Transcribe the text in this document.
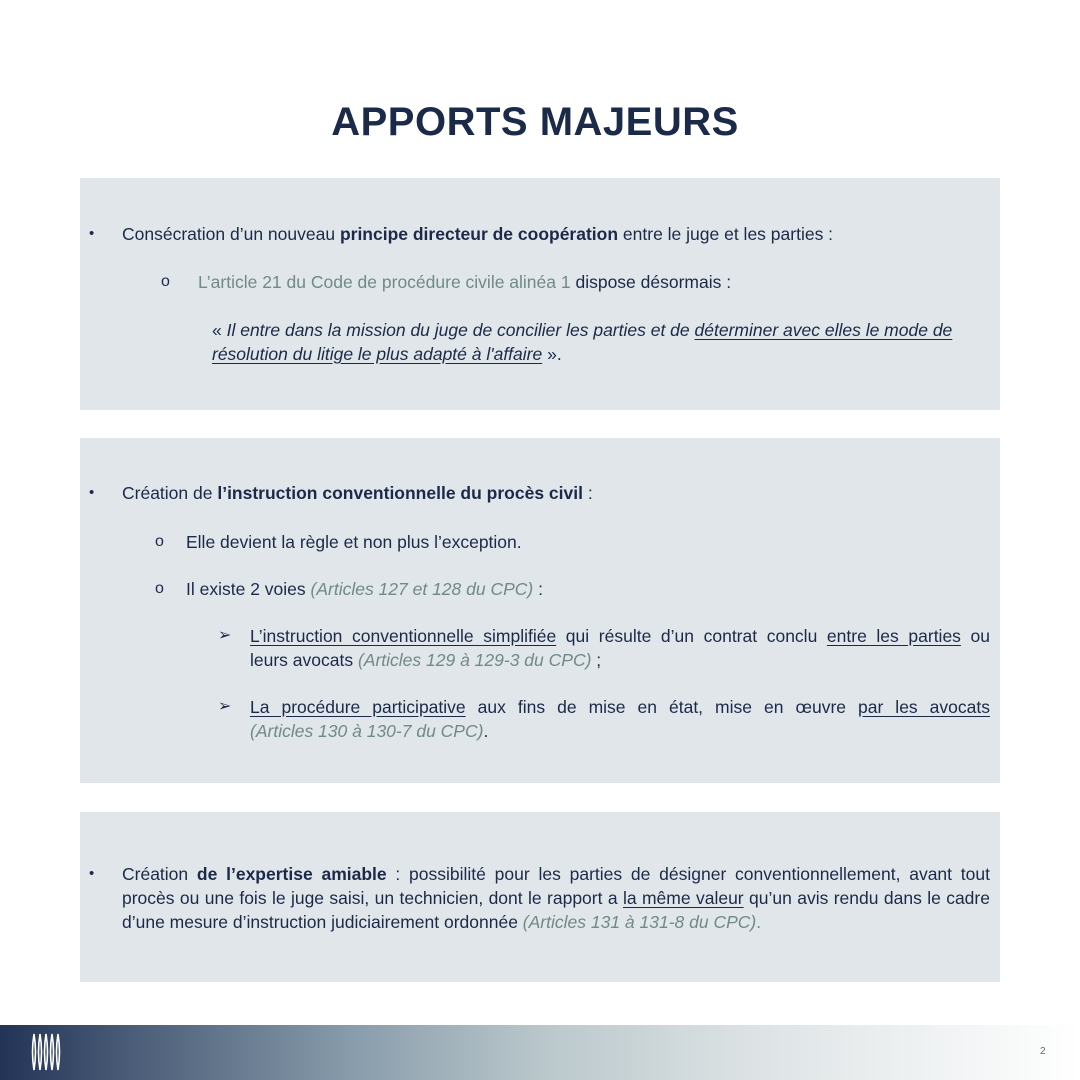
APPORTS MAJEURS
• Consécration d’un nouveau principe directeur de coopération entre le juge et les parties :
o L’article 21 du Code de procédure civile alinéa 1 dispose désormais :
« Il entre dans la mission du juge de concilier les parties et de déterminer avec elles le mode de
résolution du litige le plus adapté à l'affaire ».
• Création de l’instruction conventionnelle du procès civil :
o Elle devient la règle et non plus l’exception.
o Il existe 2 voies (Articles 127 et 128 du CPC) :
➢ L’instruction conventionnelle simplifiée qui résulte d’un contrat conclu entre les parties ou
leurs avocats (Articles 129 à 129-3 du CPC) ;
➢ La procédure participative aux fins de mise en état, mise en œuvre par les avocats
(Articles 130 à 130-7 du CPC).
• Création de l’expertise amiable : possibilité pour les parties de désigner conventionnellement, avant tout procès ou une fois le juge saisi, un technicien, dont le rapport a la même valeur qu’un avis rendu dans le cadre d’une mesure d’instruction judiciairement ordonnée (Articles 131 à 131-8 du CPC).
2
